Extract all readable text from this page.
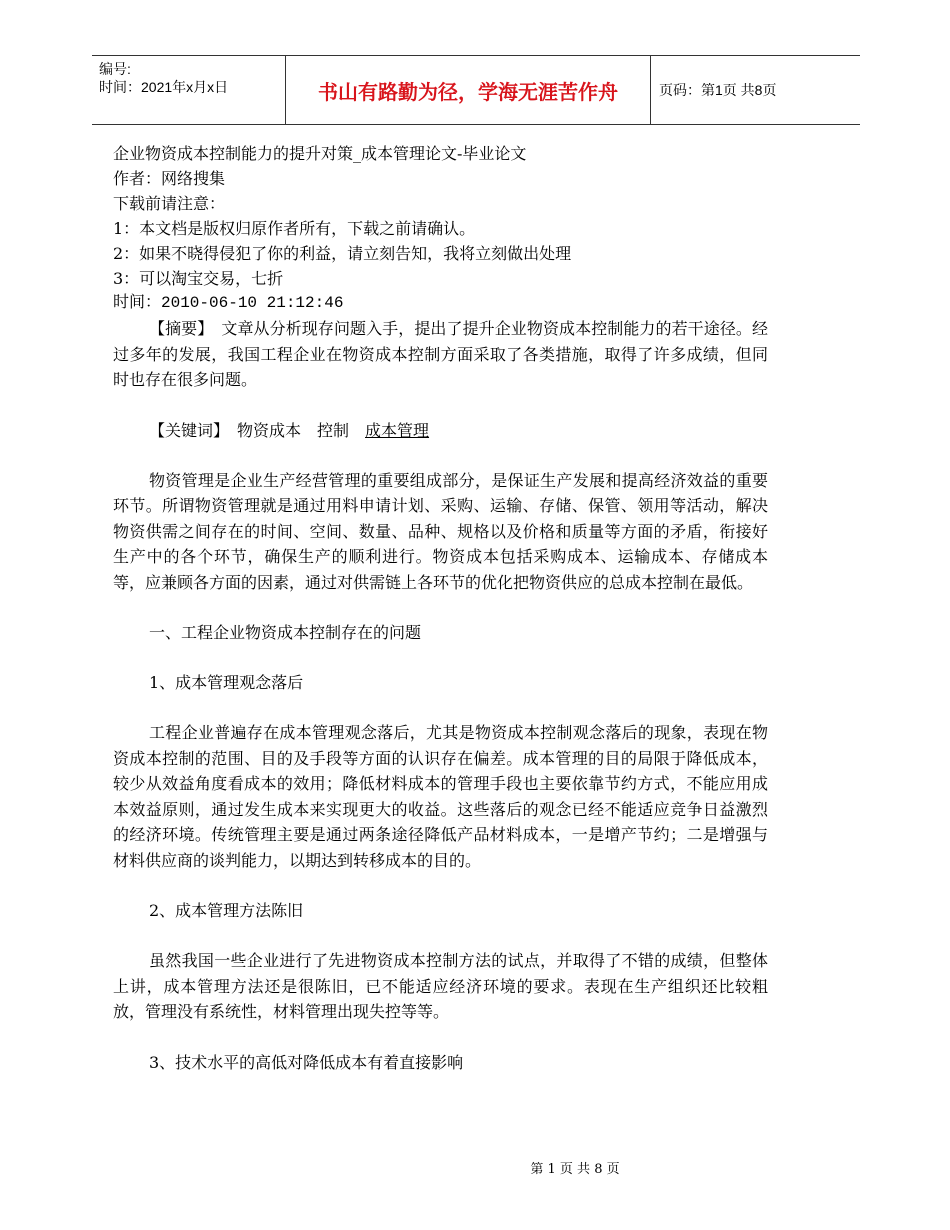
编号:
时间：2021年x月x日	书山有路勤为径，学海无涯苦作舟	页码：第1页 共8页
企业物资成本控制能力的提升对策_成本管理论文-毕业论文
作者：网络搜集
下载前请注意：
1：本文档是版权归原作者所有，下载之前请确认。
2：如果不晓得侵犯了你的利益，请立刻告知，我将立刻做出处理
3：可以淘宝交易，七折
时间：2010-06-10 21:12:46
【摘要】　文章从分析现存问题入手，提出了提升企业物资成本控制能力的若干途径。经过多年的发展，我国工程企业在物资成本控制方面采取了各类措施，取得了许多成绩，但同时也存在很多问题。
【关键词】　物资成本　控制　成本管理
物资管理是企业生产经营管理的重要组成部分，是保证生产发展和提高经济效益的重要环节。所谓物资管理就是通过用料申请计划、采购、运输、存储、保管、领用等活动，解决物资供需之间存在的时间、空间、数量、品种、规格以及价格和质量等方面的矛盾，衔接好生产中的各个环节，确保生产的顺利进行。物资成本包括采购成本、运输成本、存储成本等，应兼顾各方面的因素，通过对供需链上各环节的优化把物资供应的总成本控制在最低。
一、工程企业物资成本控制存在的问题
1、成本管理观念落后
工程企业普遍存在成本管理观念落后，尤其是物资成本控制观念落后的现象，表现在物资成本控制的范围、目的及手段等方面的认识存在偏差。成本管理的目的局限于降低成本，较少从效益角度看成本的效用；降低材料成本的管理手段也主要依靠节约方式，不能应用成本效益原则，通过发生成本来实现更大的收益。这些落后的观念已经不能适应竞争日益激烈的经济环境。传统管理主要是通过两条途径降低产品材料成本，一是增产节约；二是增强与材料供应商的谈判能力，以期达到转移成本的目的。
2、成本管理方法陈旧
虽然我国一些企业进行了先进物资成本控制方法的试点，并取得了不错的成绩，但整体上讲，成本管理方法还是很陈旧，已不能适应经济环境的要求。表现在生产组织还比较粗放，管理没有系统性，材料管理出现失控等等。
3、技术水平的高低对降低成本有着直接影响
第 1 页 共 8 页
